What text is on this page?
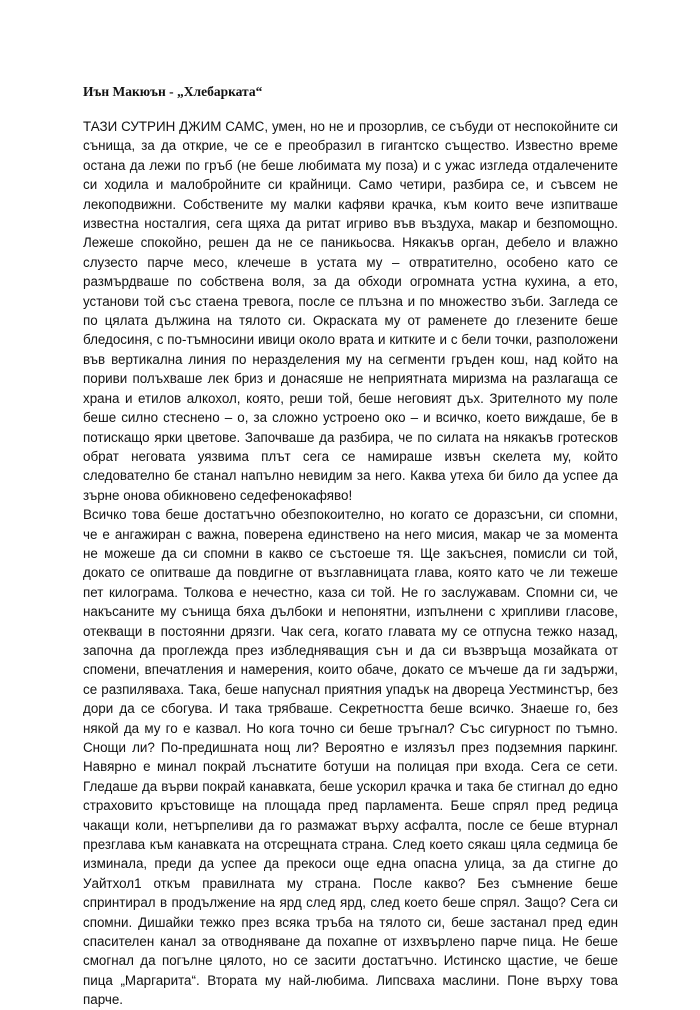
Иън Макюън - „Хлебарката“

ТАЗИ СУТРИН ДЖИМ САМС, умен, но не и прозорлив, се събуди от неспокойните си сънища, за да открие, че се е преобразил в гигантско същество. Известно време остана да лежи по гръб (не беше любимата му поза) и с ужас изгледа отдалечените си ходила и малобройните си крайници. Само четири, разбира се, и съвсем не лекоподвижни. Собствените му малки кафяви крачка, към които вече изпитваше известна носталгия, сега щяха да ритат игриво във въздуха, макар и безпомощно. Лежеше спокойно, решен да не се паникьосва. Някакъв орган, дебело и влажно слузесто парче месо, клечеше в устата му – отвратително, особено като се размърдваше по собствена воля, за да обходи огромната устна кухина, а ето, установи той със стаена тревога, после се плъзна и по множество зъби. Загледа се по цялата дължина на тялото си. Окраската му от раменете до глезените беше бледосиня, с по-тъмносини ивици около врата и китките и с бели точки, разположени във вертикална линия по неразделения му на сегменти гръден кош, над който на пориви полъхваше лек бриз и донасяше не неприятната миризма на разлагаща се храна и етилов алкохол, която, реши той, беше неговият дъх. Зрителното му поле беше силно стеснено – о, за сложно устроено око – и всичко, което виждаше, бе в потискащо ярки цветове. Започваше да разбира, че по силата на някакъв гротесков обрат неговата уязвима плът сега се намираше извън скелета му, който следователно бе станал напълно невидим за него. Каква утеха би било да успее да зърне онова обикновено седефенокафяво!

Всичко това беше достатъчно обезпокоително, но когато се доразсъни, си спомни, че е ангажиран с важна, поверена единствено на него мисия, макар че за момента не можеше да си спомни в какво се състоеше тя. Ще закъснея, помисли си той, докато се опитваше да повдигне от възглавницата глава, която като че ли тежеше пет килограма. Толкова е нечестно, каза си той. Не го заслужавам. Спомни си, че накъсаните му сънища бяха дълбоки и непонятни, изпълнени с хрипливи гласове, отекващи в постоянни дрязги. Чак сега, когато главата му се отпусна тежко назад, започна да проглежда през избледняващия сън и да си възвръща мозайката от спомени, впечатления и намерения, които обаче, докато се мъчеше да ги задържи, се разпиляваха. Така, беше напуснал приятния упадък на двореца Уестминстър, без дори да се сбогува. И така трябваше. Секретността беше всичко. Знаеше го, без някой да му го е казвал. Но кога точно си беше тръгнал? Със сигурност по тъмно. Снощи ли? По-предишната нощ ли? Вероятно е излязъл през подземния паркинг. Навярно е минал покрай лъснатите ботуши на полицая при входа. Сега се сети. Гледаше да върви покрай канавката, беше ускорил крачка и така бе стигнал до едно страховито кръстовище на площада пред парламента. Беше спрял пред редица чакащи коли, нетърпеливи да го размажат върху асфалта, после се беше втурнал презглава към канавката на отсрещната страна. След което сякаш цяла седмица бе изминала, преди да успее да прекоси още една опасна улица, за да стигне до Уайтхол1 откъм правилната му страна. После какво? Без съмнение беше спринтирал в продължение на ярд след ярд, след което беше спрял. Защо? Сега си спомни. Дишайки тежко през всяка тръба на тялото си, беше застанал пред един спасителен канал за отводняване да похапне от изхвърлено парче пица. Не беше смогнал да погълне цялото, но се засити достатъчно. Истинско щастие, че беше пица „Маргарита“. Втората му най-любима. Липсваха маслини. Поне върху това парче.
